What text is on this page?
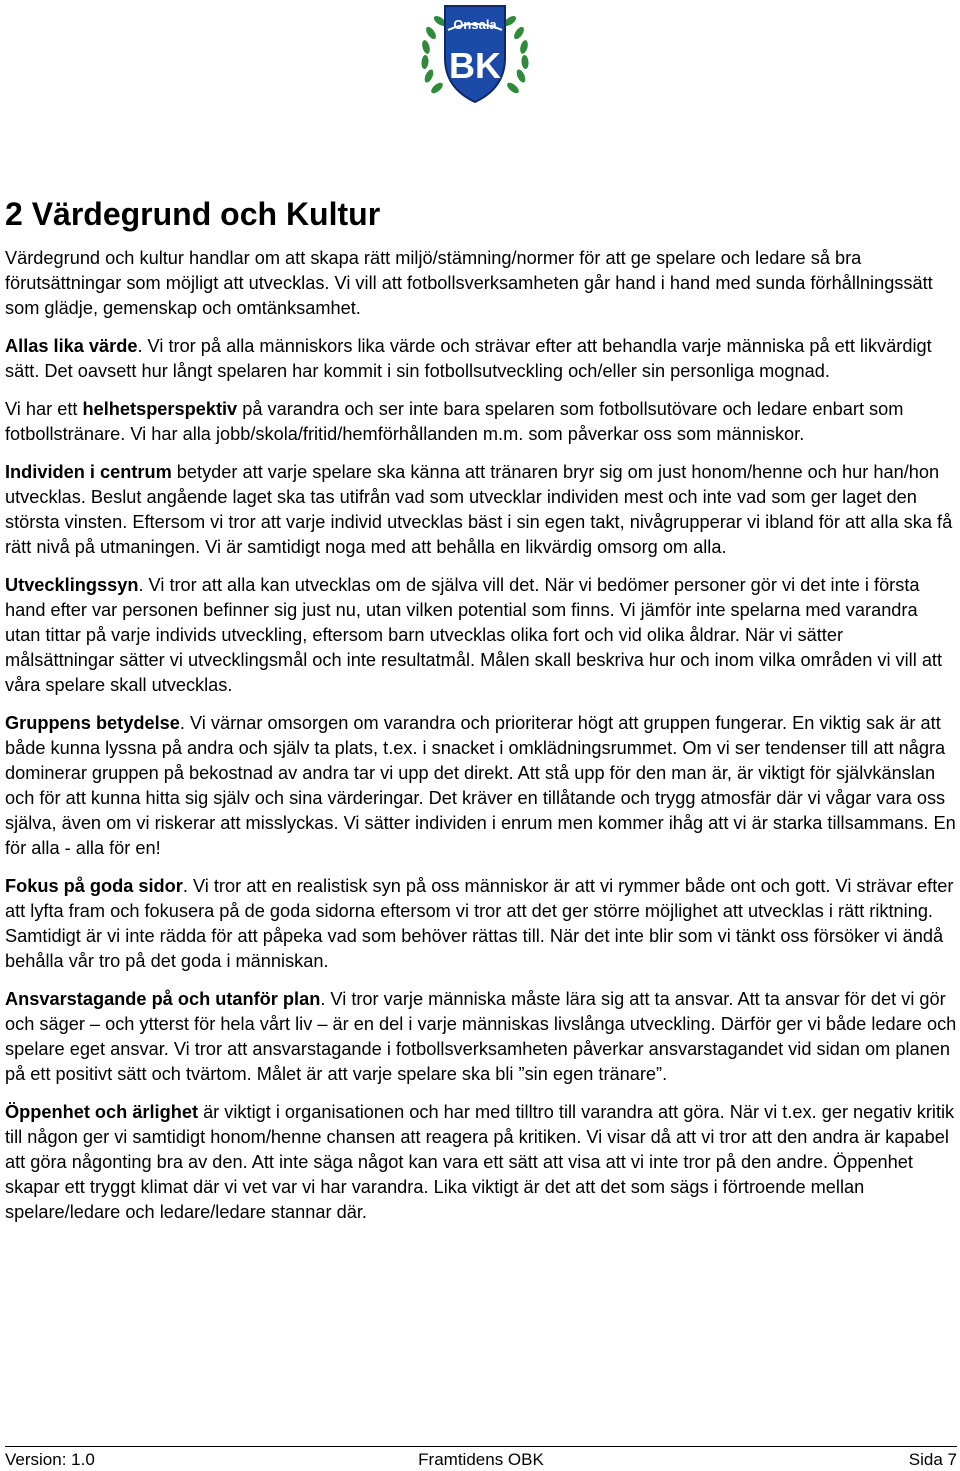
Onsala
BK
2 Värdegrund och Kultur

Värdegrund och kultur handlar om att skapa rätt miljö/stämning/normer för att ge spelare och ledare så bra förutsättningar som möjligt att utvecklas. Vi vill att fotbollsverksamheten går hand i hand med sunda förhållningssätt som glädje, gemenskap och omtänksamhet.

Allas lika värde. Vi tror på alla människors lika värde och strävar efter att behandla varje människa på ett likvärdigt sätt. Det oavsett hur långt spelaren har kommit i sin fotbollsutveckling och/eller sin personliga mognad.

Vi har ett helhetsperspektiv på varandra och ser inte bara spelaren som fotbollsutövare och ledare enbart som fotbollstränare. Vi har alla jobb/skola/fritid/hemförhållanden m.m. som påverkar oss som människor.

Individen i centrum betyder att varje spelare ska känna att tränaren bryr sig om just honom/henne och hur han/hon utvecklas. Beslut angående laget ska tas utifrån vad som utvecklar individen mest och inte vad som ger laget den största vinsten. Eftersom vi tror att varje individ utvecklas bäst i sin egen takt, nivågrupperar vi ibland för att alla ska få rätt nivå på utmaningen. Vi är samtidigt noga med att behålla en likvärdig omsorg om alla.

Utvecklingssyn. Vi tror att alla kan utvecklas om de själva vill det. När vi bedömer personer gör vi det inte i första hand efter var personen befinner sig just nu, utan vilken potential som finns. Vi jämför inte spelarna med varandra utan tittar på varje individs utveckling, eftersom barn utvecklas olika fort och vid olika åldrar. När vi sätter målsättningar sätter vi utvecklingsmål och inte resultatmål. Målen skall beskriva hur och inom vilka områden vi vill att våra spelare skall utvecklas.

Gruppens betydelse. Vi värnar omsorgen om varandra och prioriterar högt att gruppen fungerar. En viktig sak är att både kunna lyssna på andra och själv ta plats, t.ex. i snacket i omklädningsrummet. Om vi ser tendenser till att några dominerar gruppen på bekostnad av andra tar vi upp det direkt. Att stå upp för den man är, är viktigt för självkänslan och för att kunna hitta sig själv och sina värderingar. Det kräver en tillåtande och trygg atmosfär där vi vågar vara oss själva, även om vi riskerar att misslyckas. Vi sätter individen i enrum men kommer ihåg att vi är starka tillsammans. En för alla - alla för en!

Fokus på goda sidor. Vi tror att en realistisk syn på oss människor är att vi rymmer både ont och gott. Vi strävar efter att lyfta fram och fokusera på de goda sidorna eftersom vi tror att det ger större möjlighet att utvecklas i rätt riktning. Samtidigt är vi inte rädda för att påpeka vad som behöver rättas till. När det inte blir som vi tänkt oss försöker vi ändå behålla vår tro på det goda i människan.

Ansvarstagande på och utanför plan. Vi tror varje människa måste lära sig att ta ansvar. Att ta ansvar för det vi gör och säger – och ytterst för hela vårt liv – är en del i varje människas livslånga utveckling. Därför ger vi både ledare och spelare eget ansvar. Vi tror att ansvarstagande i fotbollsverksamheten påverkar ansvarstagandet vid sidan om planen på ett positivt sätt och tvärtom. Målet är att varje spelare ska bli ”sin egen tränare”.

Öppenhet och ärlighet är viktigt i organisationen och har med tilltro till varandra att göra. När vi t.ex. ger negativ kritik till någon ger vi samtidigt honom/henne chansen att reagera på kritiken. Vi visar då att vi tror att den andra är kapabel att göra någonting bra av den. Att inte säga något kan vara ett sätt att visa att vi inte tror på den andre. Öppenhet skapar ett tryggt klimat där vi vet var vi har varandra. Lika viktigt är det att det som sägs i förtroende mellan spelare/ledare och ledare/ledare stannar där.

Version: 1.0	Framtidens OBK	Sida 7
